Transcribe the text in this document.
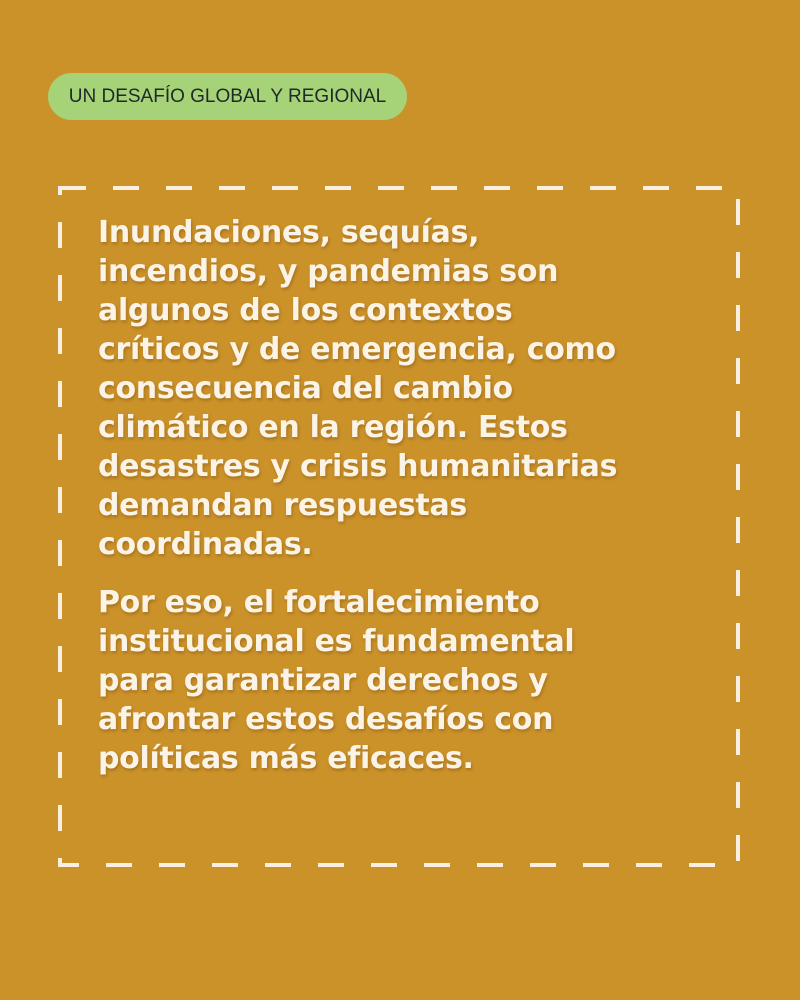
UN DESAFÍO GLOBAL Y REGIONAL

Inundaciones, sequías,
incendios, y pandemias son
algunos de los contextos
críticos y de emergencia, como
consecuencia del cambio
climático en la región. Estos
desastres y crisis humanitarias
demandan respuestas
coordinadas.

Por eso, el fortalecimiento
institucional es fundamental
para garantizar derechos y
afrontar estos desafíos con
políticas más eficaces.
